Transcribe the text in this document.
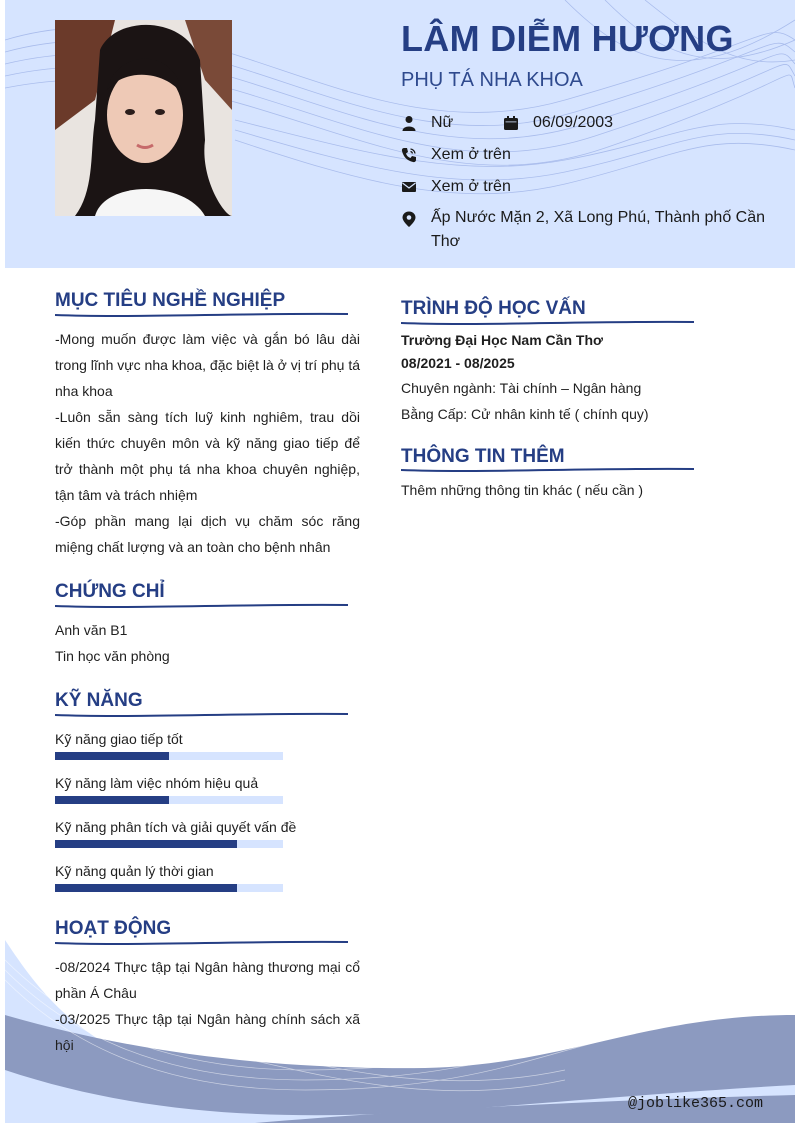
LÂM DIỄM HƯƠNG
PHỤ TÁ NHA KHOA
Nữ	06/09/2003
Xem ở trên
Xem ở trên
Ấp Nước Mặn 2, Xã Long Phú, Thành phố Cần
Thơ
MỤC TIÊU NGHỀ NGHIỆP
-Mong muốn được làm việc và gắn bó lâu dài trong lĩnh vực nha khoa, đặc biệt là ở vị trí phụ tá nha khoa
-Luôn sẵn sàng tích luỹ kinh nghiêm, trau dồi kiến thức chuyên môn và kỹ năng giao tiếp để trở thành một phụ tá nha khoa chuyên nghiệp, tận tâm và trách nhiệm
-Góp phần mang lại dịch vụ chăm sóc răng miệng chất lượng và an toàn cho bệnh nhân
CHỨNG CHỈ
Anh văn B1
Tin học văn phòng
KỸ NĂNG
Kỹ năng giao tiếp tốt
Kỹ năng làm việc nhóm hiệu quả
Kỹ năng phân tích và giải quyết vấn đề
Kỹ năng quản lý thời gian
HOẠT ĐỘNG
-08/2024 Thực tập tại Ngân hàng thương mại cổ phần Á Châu
-03/2025 Thực tập tại Ngân hàng chính sách xã hội
TRÌNH ĐỘ HỌC VẤN
Trường Đại Học Nam Cần Thơ
08/2021 - 08/2025
Chuyên ngành: Tài chính – Ngân hàng
Bằng Cấp: Cử nhân kinh tế ( chính quy)
THÔNG TIN THÊM
Thêm những thông tin khác ( nếu cần )
@joblike365.com
